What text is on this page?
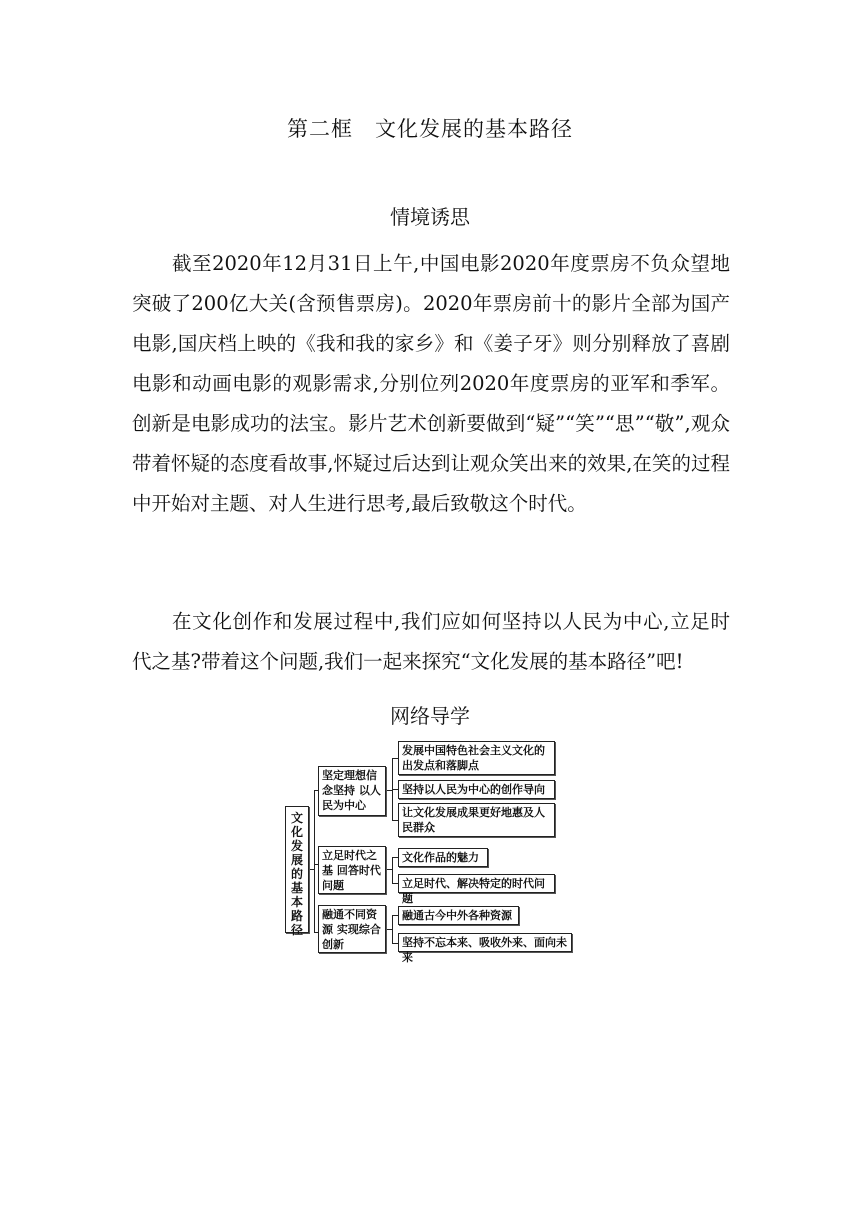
第二框　文化发展的基本路径
情境诱思

截至2020年12月31日上午,中国电影2020年度票房不负众望地突破了200亿大关(含预售票房)。2020年票房前十的影片全部为国产电影,国庆档上映的《我和我的家乡》和《姜子牙》则分别释放了喜剧电影和动画电影的观影需求,分别位列2020年度票房的亚军和季军。创新是电影成功的法宝。影片艺术创新要做到“疑”“笑”“思”“敬”,观众带着怀疑的态度看故事,怀疑过后达到让观众笑出来的效果,在笑的过程中开始对主题、对人生进行思考,最后致敬这个时代。

在文化创作和发展过程中,我们应如何坚持以人民为中心,立足时代之基?带着这个问题,我们一起来探究“文化发展的基本路径”吧!

网络导学
文化发展的基本路径
坚定理想信念坚持 以人民为中心
发展中国特色社会主义文化的出发点和落脚点
坚持以人民为中心的创作导向
让文化发展成果更好地惠及人民群众
立足时代之基 回答时代问题
文化作品的魅力
立足时代、解决特定的时代问题
融通不同资源 实现综合创新
融通古今中外各种资源
坚持不忘本来、吸收外来、面向未来
